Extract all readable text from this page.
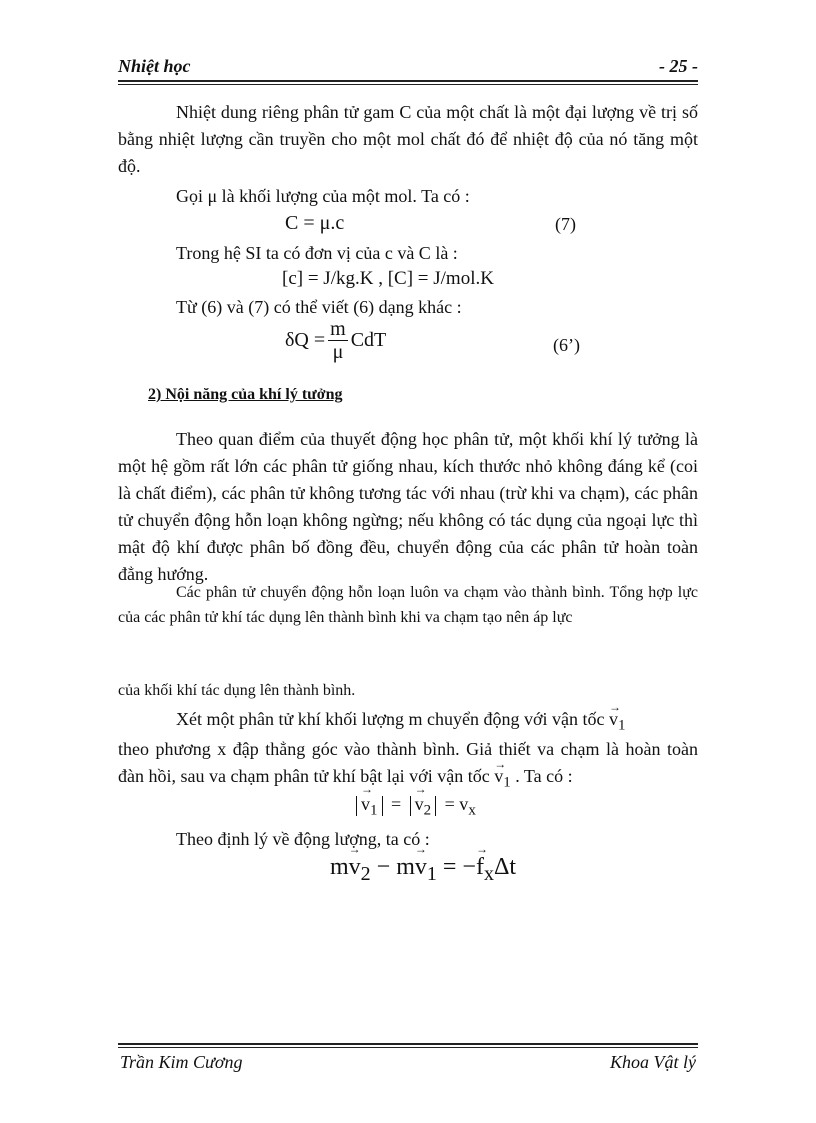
Nhiệt học	- 25 -
Nhiệt dung riêng phân tử gam C của một chất là một đại lượng về trị số bằng nhiệt lượng cần truyền cho một mol chất đó để nhiệt độ của nó tăng một độ.
Gọi μ là khối lượng của một mol. Ta có :
C = μ.c	(7)
Trong hệ SI ta có đơn vị của c và C là :
[c] = J/kg.K , [C] = J/mol.K
Từ (6) và (7) có thể viết (6) dạng khác :
$\delta Q = \frac{m}{\mu}$ CdT	(6’)
2) Nội năng của khí lý tưởng
Theo quan điểm của thuyết động học phân tử, một khối khí lý tưởng là một hệ gồm rất lớn các phân tử giống nhau, kích thước nhỏ không đáng kể (coi là chất điểm), các phân tử không tương tác với nhau (trừ khi va chạm), các phân tử chuyển động hỗn loạn không ngừng; nếu không có tác dụng của ngoại lực thì mật độ khí được phân bố đồng đều, chuyển động của các phân tử hoàn toàn đẳng hướng.
Các phân tử chuyển động hỗn loạn luôn va chạm vào thành bình. Tổng hợp lực của các phân tử khí tác dụng lên thành bình khi va chạm tạo nên áp lực
của khối khí tác dụng lên thành bình.
Xét một phân tử khí khối lượng m chuyển động với vận tốc → $v_1$
theo phương x đập thẳng góc vào thành bình. Giả thiết va chạm là hoàn toàn đàn hồi, sau va chạm phân tử khí bật lại với vận tốc → $v_1$ . Ta có :
→ $v_1$ = → $v_2 = v_x$
Theo định lý về động lượng, ta có :
$m\to v_2 - m\to v_1$ = −→ $f_x\Delta t$
Trần Kim Cương	Khoa Vật lý
